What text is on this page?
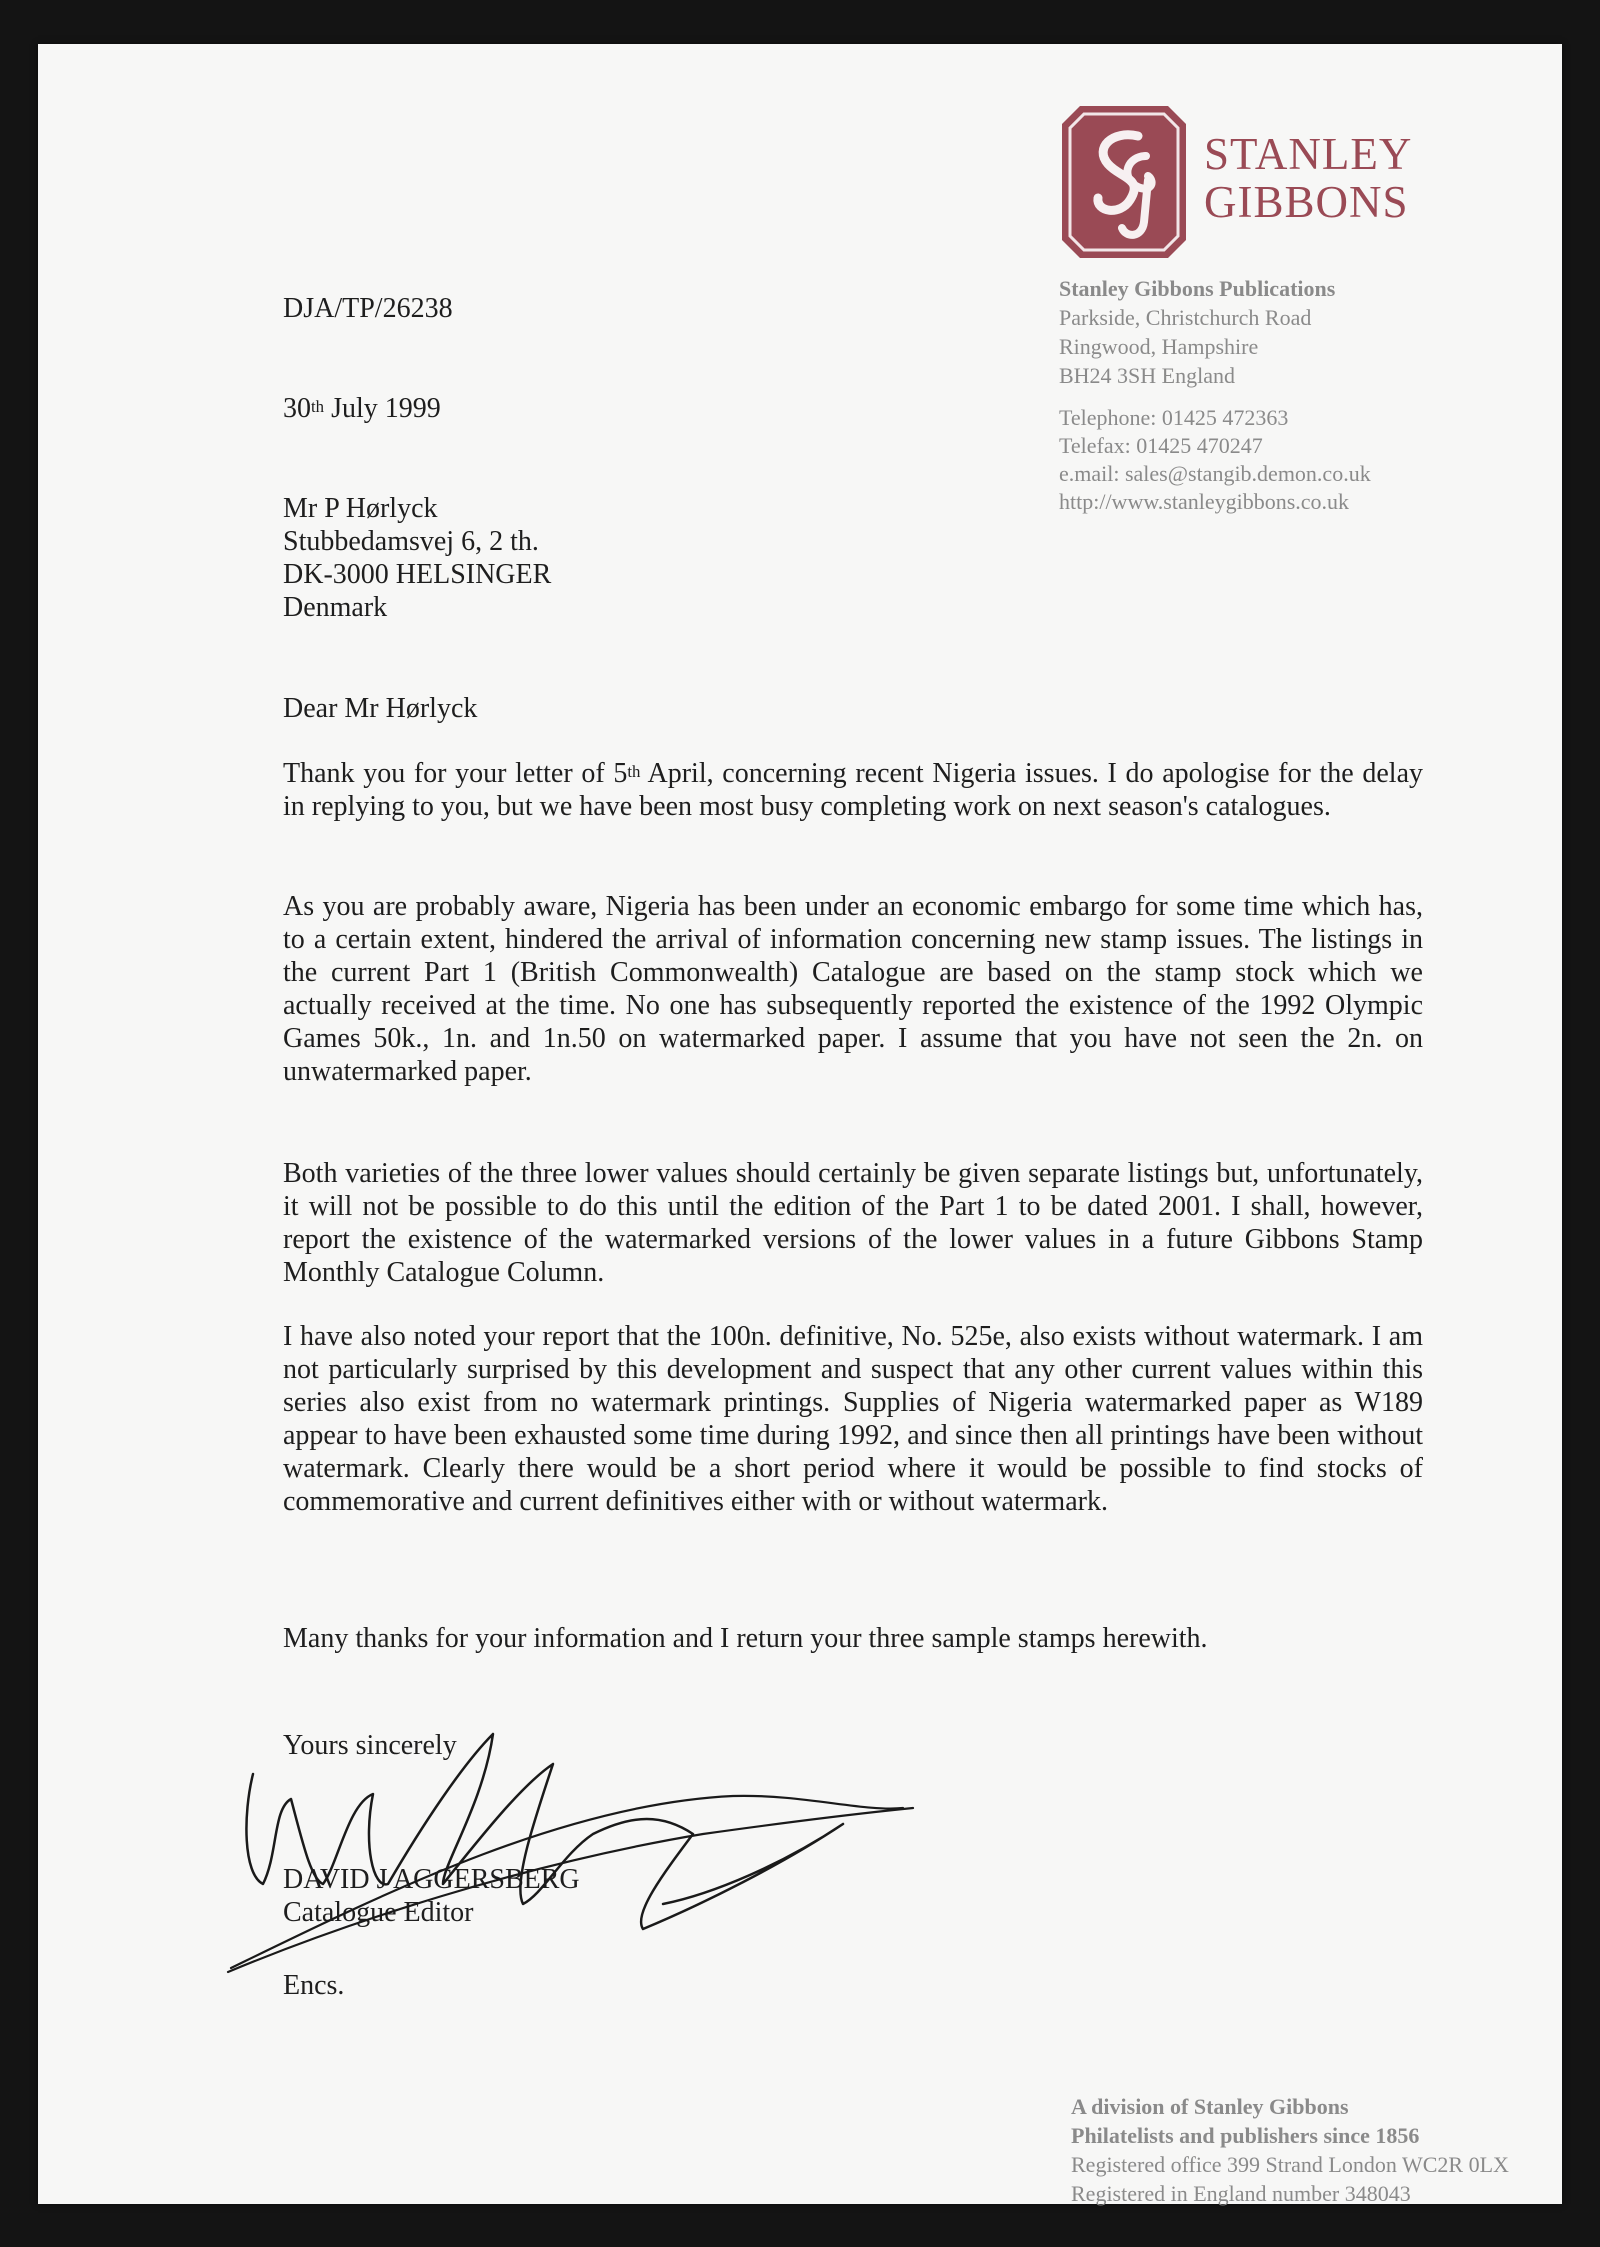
STANLEY
GIBBONS
Stanley Gibbons Publications
Parkside, Christchurch Road
Ringwood, Hampshire
BH24 3SH England
Telephone: 01425 472363
Telefax: 01425 470247
e.mail: sales@stangib.demon.co.uk
http://www.stanleygibbons.co.uk
DJA/TP/26238
30th July 1999
Mr P Hørlyck
Stubbedamsvej 6, 2 th.
DK-3000 HELSINGER
Denmark
Dear Mr Hørlyck
Thank you for your letter of 5th April, concerning recent Nigeria issues. I do apologise for the delay in replying to you, but we have been most busy completing work on next season's catalogues.
As you are probably aware, Nigeria has been under an economic embargo for some time which has, to a certain extent, hindered the arrival of information concerning new stamp issues. The listings in the current Part 1 (British Commonwealth) Catalogue are based on the stamp stock which we actually received at the time. No one has subsequently reported the existence of the 1992 Olympic Games 50k., 1n. and 1n.50 on watermarked paper. I assume that you have not seen the 2n. on unwatermarked paper.
Both varieties of the three lower values should certainly be given separate listings but, unfortunately, it will not be possible to do this until the edition of the Part 1 to be dated 2001. I shall, however, report the existence of the watermarked versions of the lower values in a future Gibbons Stamp Monthly Catalogue Column.
I have also noted your report that the 100n. definitive, No. 525e, also exists without watermark. I am not particularly surprised by this development and suspect that any other current values within this series also exist from no watermark printings. Supplies of Nigeria watermarked paper as W189 appear to have been exhausted some time during 1992, and since then all printings have been without watermark. Clearly there would be a short period where it would be possible to find stocks of commemorative and current definitives either with or without watermark.
Many thanks for your information and I return your three sample stamps herewith.
Yours sincerely
DAVID J AGGERSBERG
Catalogue Editor
Encs.
A division of Stanley Gibbons
Philatelists and publishers since 1856
Registered office 399 Strand London WC2R 0LX
Registered in England number 348043
